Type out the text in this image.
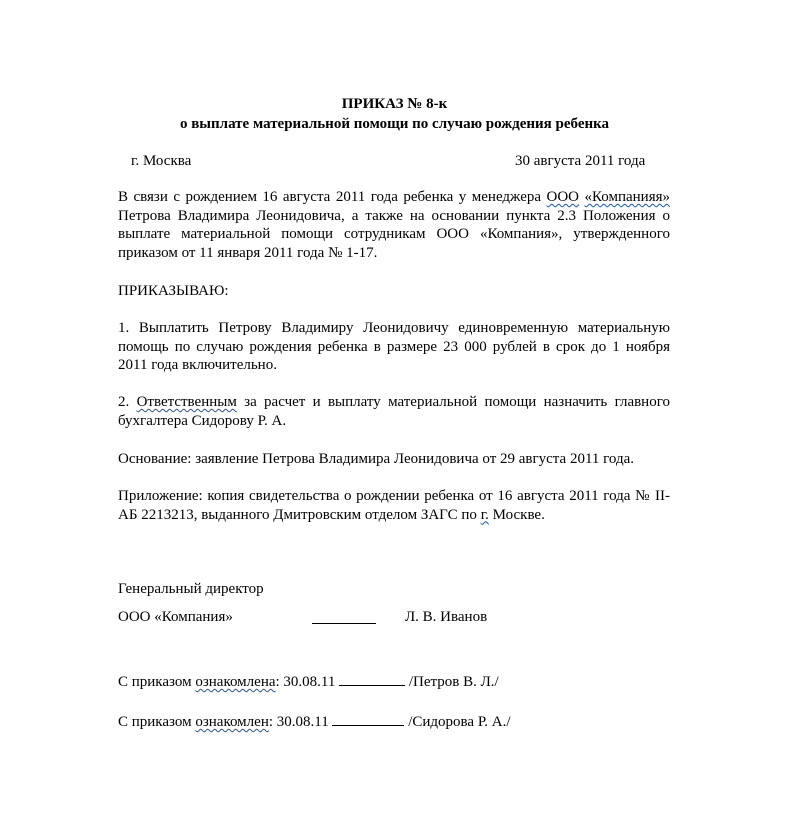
ПРИКАЗ № 8-к
о выплате материальной помощи по случаю рождения ребенка
г. Москва	30 августа 2011 года
В связи с рождением 16 августа 2011 года ребенка у менеджера ООО «Компанияя» Петрова Владимира Леонидовича, а также на основании пункта 2.3 Положения о выплате материальной помощи сотрудникам ООО «Компания», утвержденного приказом от 11 января 2011 года № 1-17.
ПРИКАЗЫВАЮ:
1. Выплатить Петрову Владимиру Леонидовичу единовременную материальную помощь по случаю рождения ребенка в размере 23 000 рублей в срок до 1 ноября 2011 года включительно.
2. Ответственным за расчет и выплату материальной помощи назначить главного бухгалтера Сидорову Р. А.
Основание: заявление Петрова Владимира Леонидовича от 29 августа 2011 года.
Приложение: копия свидетельства о рождении ребенка от 16 августа 2011 года № II-АБ 2213213, выданного Дмитровским отделом ЗАГС по г. Москве.
Генеральный директор
ООО «Компания»	Л. В. Иванов
С приказом ознакомлена: 30.08.11	/Петров В. Л./
С приказом ознакомлен: 30.08.11	/Сидорова Р. А./
